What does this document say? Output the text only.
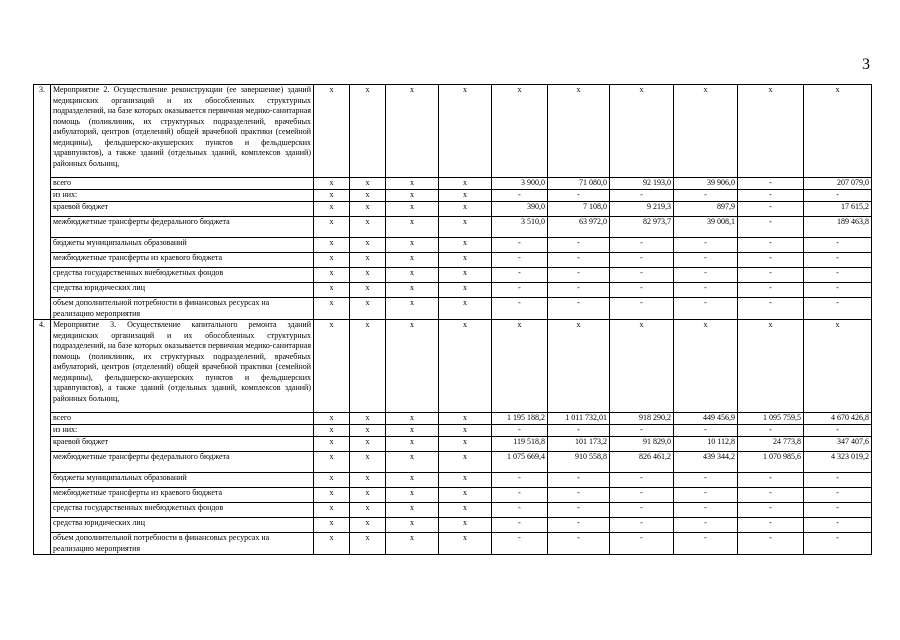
3
3.	Мероприятие 2. Осуществление реконструкции (ее завершение) зданий медицинских организаций и их обособленных структурных подразделений, на базе которых оказывается первичная медико-санитарная помощь (поликлиник, их структурных подразделений, врачебных амбулаторий, центров (отделений) общей врачебной практики (семейной медицины), фельдшерско-акушерских пунктов и фельдшерских здравпунктов), а также зданий (отдельных зданий, комплексов зданий) районных больниц,	x	x	x	x	x	x	x	x	x	x
	всего	x	x	x	x	3 900,0	71 080,0	92 193,0	39 906,0	-	207 079,0
	из них:	x	x	x	x	-	-	-	-	-	-
	краевой бюджет	x	x	x	x	390,0	7 108,0	9 219,3	897,9	-	17 615,2
	межбюджетные трансферты федерального бюджета	x	x	x	x	3 510,0	63 972,0	82 973,7	39 008,1	-	189 463,8
	бюджеты муниципальных образований	x	x	x	x	-	-	-	-	-	-
	межбюджетные трансферты из краевого бюджета	x	x	x	x	-	-	-	-	-	-
	средства государственных внебюджетных фондов	x	x	x	x	-	-	-	-	-	-
	средства юридических лиц	x	x	x	x	-	-	-	-	-	-
	объем дополнительной потребности в финансовых ресурсах на реализацию мероприятия	x	x	x	x	-	-	-	-	-	-
4.	Мероприятие 3. Осуществление капитального ремонта зданий медицинских организаций и их обособленных структурных подразделений, на базе которых оказывается первичная медико-санитарная помощь (поликлиник, их структурных подразделений, врачебных амбулаторий, центров (отделений) общей врачебной практики (семейной медицины), фельдшерско-акушерских пунктов и фельдшерских здравпунктов), а также зданий (отдельных зданий, комплексов зданий) районных больниц,	x	x	x	x	x	x	x	x	x	x
	всего	x	x	x	x	1 195 188,2	1 011 732,01	918 290,2	449 456,9	1 095 759,5	4 670 426,8
	из них:	x	x	x	x	-	-	-	-	-	-
	краевой бюджет	x	x	x	x	119 518,8	101 173,2	91 829,0	10 112,8	24 773,8	347 407,6
	межбюджетные трансферты федерального бюджета	x	x	x	x	1 075 669,4	910 558,8	826 461,2	439 344,2	1 070 985,6	4 323 019,2
	бюджеты муниципальных образований	x	x	x	x	-	-	-	-	-	-
	межбюджетные трансферты из краевого бюджета	x	x	x	x	-	-	-	-	-	-
	средства государственных внебюджетных фондов	x	x	x	x	-	-	-	-	-	-
	средства юридических лиц	x	x	x	x	-	-	-	-	-	-
	объем дополнительной потребности в финансовых ресурсах на реализацию мероприятия	x	x	x	x	-	-	-	-	-	-
